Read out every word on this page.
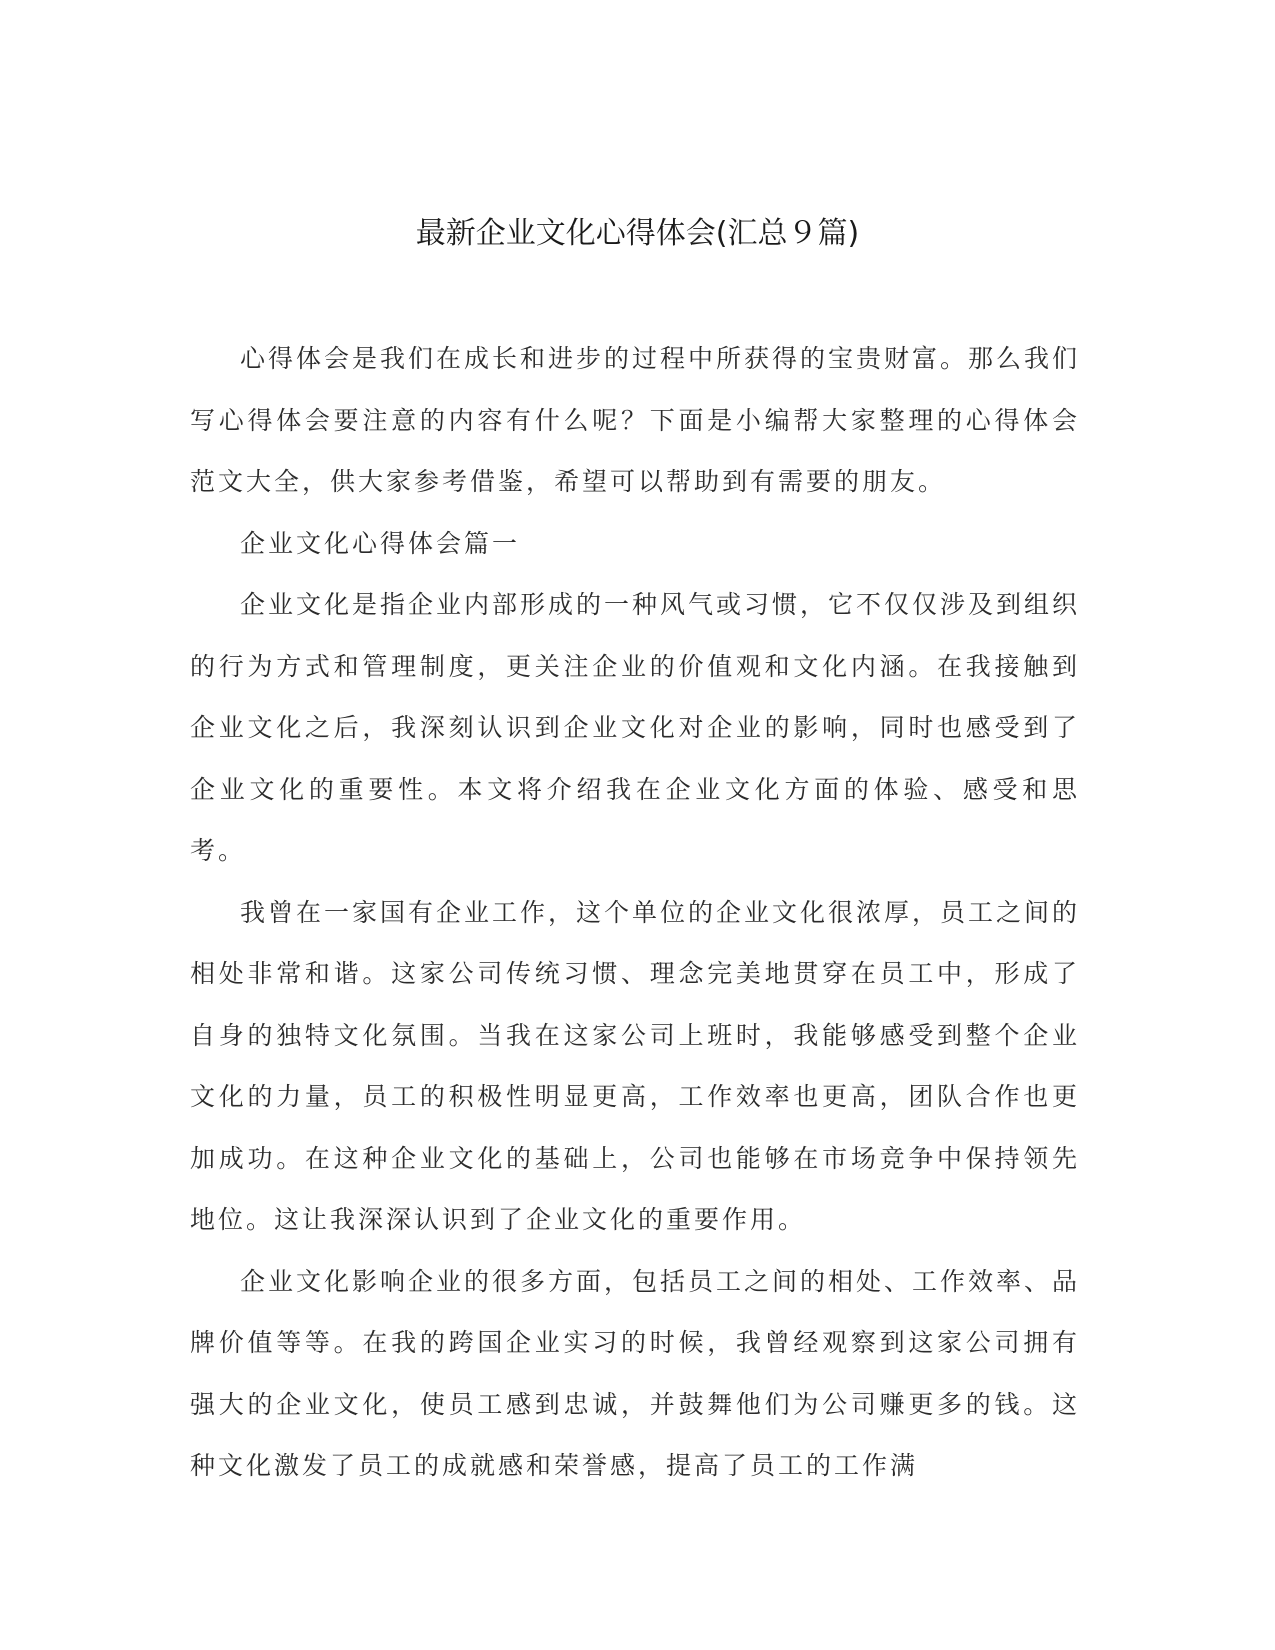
最新企业文化心得体会(汇总９篇)

心得体会是我们在成长和进步的过程中所获得的宝贵财富。那么我们写心得体会要注意的内容有什么呢？下面是小编帮大家整理的心得体会范文大全，供大家参考借鉴，希望可以帮助到有需要的朋友。

企业文化心得体会篇一

企业文化是指企业内部形成的一种风气或习惯，它不仅仅涉及到组织的行为方式和管理制度，更关注企业的价值观和文化内涵。在我接触到企业文化之后，我深刻认识到企业文化对企业的影响，同时也感受到了企业文化的重要性。本文将介绍我在企业文化方面的体验、感受和思考。

我曾在一家国有企业工作，这个单位的企业文化很浓厚，员工之间的相处非常和谐。这家公司传统习惯、理念完美地贯穿在员工中，形成了自身的独特文化氛围。当我在这家公司上班时，我能够感受到整个企业文化的力量，员工的积极性明显更高，工作效率也更高，团队合作也更加成功。在这种企业文化的基础上，公司也能够在市场竞争中保持领先地位。这让我深深认识到了企业文化的重要作用。

企业文化影响企业的很多方面，包括员工之间的相处、工作效率、品牌价值等等。在我的跨国企业实习的时候，我曾经观察到这家公司拥有强大的企业文化，使员工感到忠诚，并鼓舞他们为公司赚更多的钱。这种文化激发了员工的成就感和荣誉感，提高了员工的工作满
